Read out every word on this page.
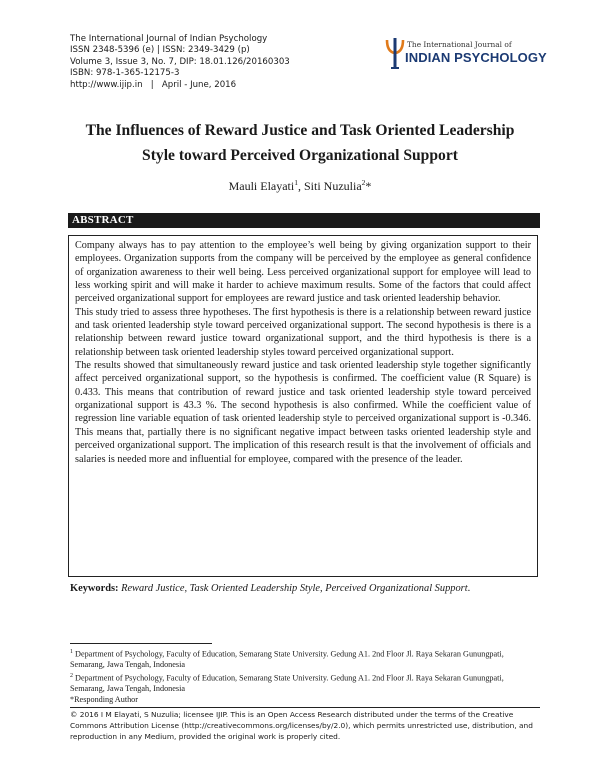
The International Journal of Indian Psychology
ISSN 2348-5396 (e) | ISSN: 2349-3429 (p)
Volume 3, Issue 3, No. 7, DIP: 18.01.126/20160303
ISBN: 978-1-365-12175-3
http://www.ijip.in | April - June, 2016
The International Journal of
INDIAN PSYCHOLOGY
The Influences of Reward Justice and Task Oriented Leadership
Style toward Perceived Organizational Support
Mauli Elayati$^1$, Siti Nuzulia$^2$*
ABSTRACT

Company always has to pay attention to the employee’s well being by giving organization support to their employees. Organization supports from the company will be perceived by the employee as general confidence of organization awareness to their well being. Less perceived organizational support for employee will lead to less working spirit and will make it harder to achieve maximum results. Some of the factors that could affect perceived organizational support for employees are reward justice and task oriented leadership behavior.

This study tried to assess three hypotheses. The first hypothesis is there is a relationship between reward justice and task oriented leadership style toward perceived organizational support. The second hypothesis is there is a relationship between reward justice toward organizational support, and the third hypothesis is there is a relationship between task oriented leadership styles toward perceived organizational support.

The results showed that simultaneously reward justice and task oriented leadership style together significantly affect perceived organizational support, so the hypothesis is confirmed. The coefficient value (R Square) is 0.433. This means that contribution of reward justice and task oriented leadership style toward perceived organizational support is 43.3 %. The second hypothesis is also confirmed. While the coefficient value of regression line variable equation of task oriented leadership style to perceived organizational support is -0.346. This means that, partially there is no significant negative impact between tasks oriented leadership style and perceived organizational support. The implication of this research result is that the involvement of officials and salaries is needed more and influential for employee, compared with the presence of the leader.

Keywords: Reward Justice, Task Oriented Leadership Style, Perceived Organizational Support.
$^1$ Department of Psychology, Faculty of Education, Semarang State University. Gedung A1. 2nd Floor Jl. Raya Sekaran Gunungpati, Semarang, Jawa Tengah, Indonesia
$^2$ Department of Psychology, Faculty of Education, Semarang State University. Gedung A1. 2nd Floor Jl. Raya Sekaran Gunungpati, Semarang, Jawa Tengah, Indonesia
*Responding Author
© 2016 I M Elayati, S Nuzulia; licensee IJIP. This is an Open Access Research distributed under the terms of the Creative Commons Attribution License (http://creativecommons.org/licenses/by/2.0), which permits unrestricted use, distribution, and reproduction in any Medium, provided the original work is properly cited.
